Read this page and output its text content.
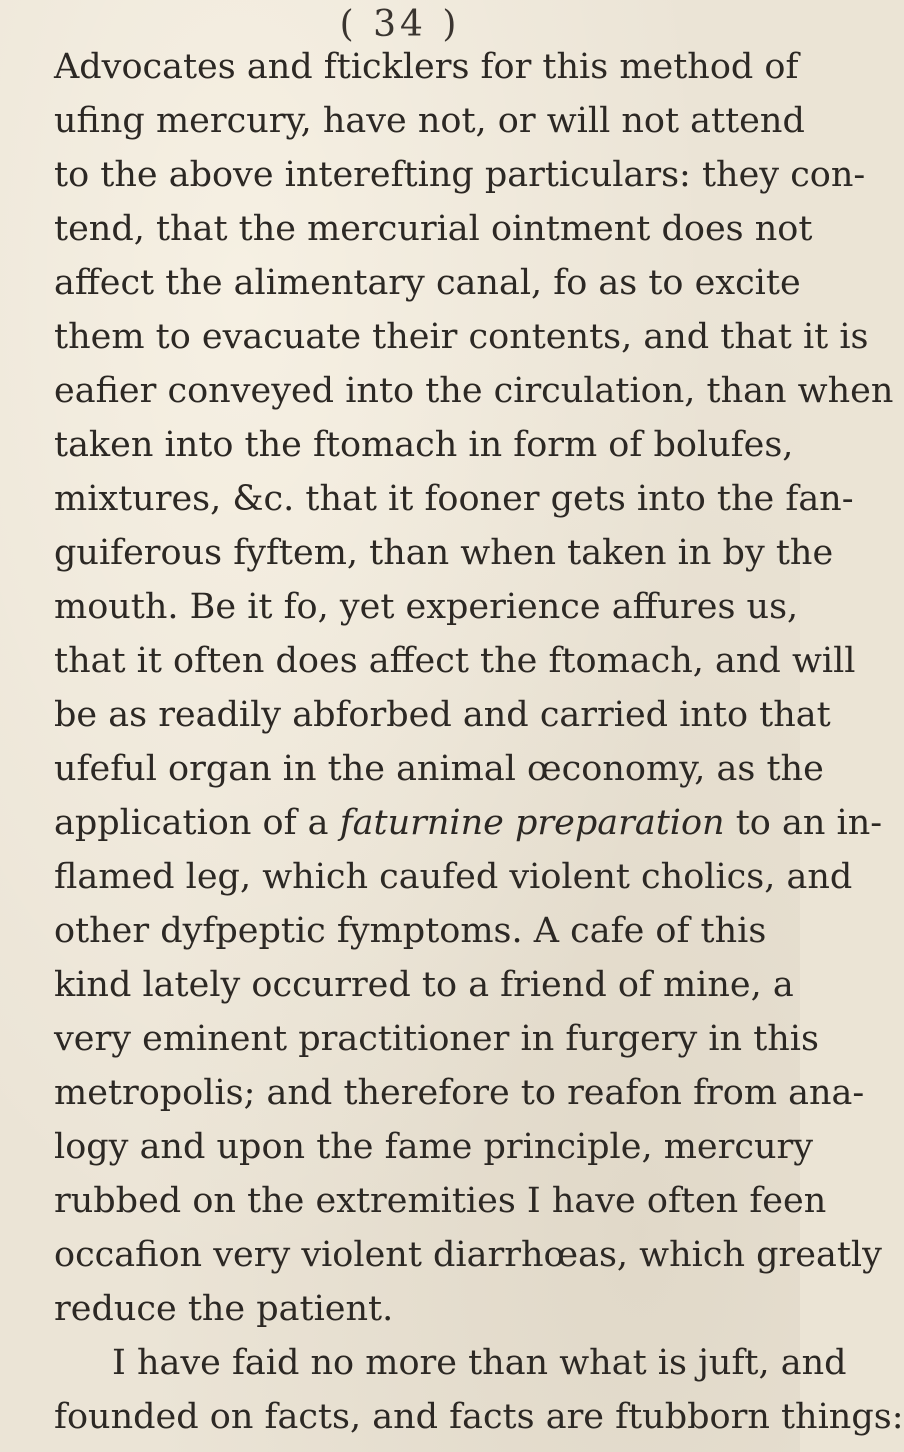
( 34 )
Advocates and fticklers for this method of
ufing mercury, have not, or will not attend
to the above interefting particulars: they con-
tend, that the mercurial ointment does not
affect the alimentary canal, fo as to excite
them to evacuate their contents, and that it is
eafier conveyed into the circulation, than when
taken into the ftomach in form of bolufes,
mixtures, &c. that it fooner gets into the fan-
guiferous fyftem, than when taken in by the
mouth. Be it fo, yet experience affures us,
that it often does affect the ftomach, and will
be as readily abforbed and carried into that
ufeful organ in the animal œconomy, as the
application of a faturnine preparation to an in-
flamed leg, which caufed violent cholics, and
other dyfpeptic fymptoms. A cafe of this
kind lately occurred to a friend of mine, a
very eminent practitioner in furgery in this
metropolis; and therefore to reafon from ana-
logy and upon the fame principle, mercury
rubbed on the extremities I have often feen
occafion very violent diarrhœas, which greatly
reduce the patient.
I have faid no more than what is juft, and
founded on facts, and facts are ftubborn things:
